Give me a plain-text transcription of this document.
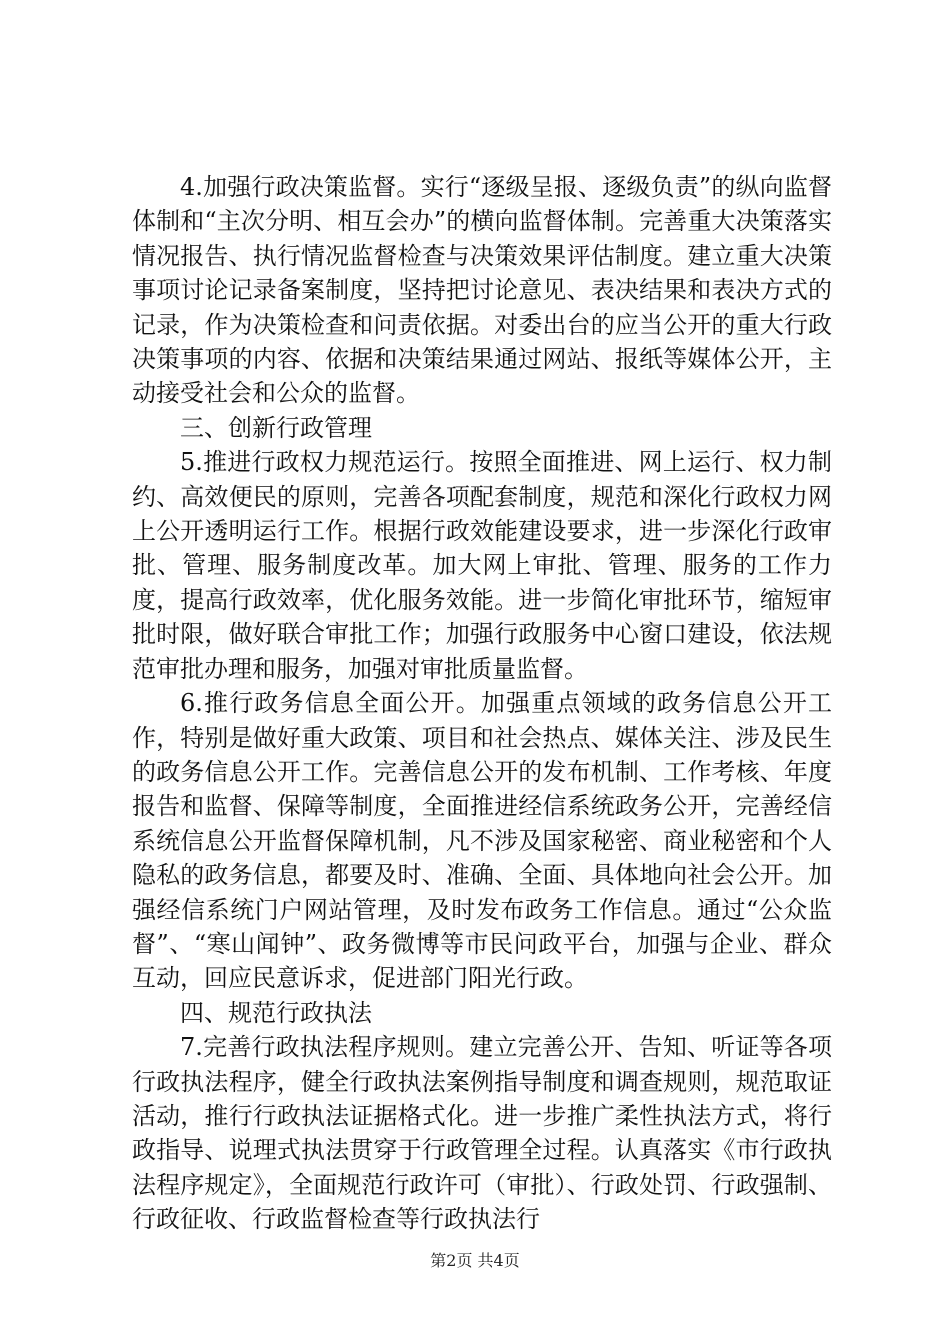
4.加强行政决策监督。实行“逐级呈报、逐级负责”的纵向监督体制和“主次分明、相互会办”的横向监督体制。完善重大决策落实情况报告、执行情况监督检查与决策效果评估制度。建立重大决策事项讨论记录备案制度，坚持把讨论意见、表决结果和表决方式的记录，作为决策检查和问责依据。对委出台的应当公开的重大行政决策事项的内容、依据和决策结果通过网站、报纸等媒体公开，主动接受社会和公众的监督。

三、创新行政管理

5.推进行政权力规范运行。按照全面推进、网上运行、权力制约、高效便民的原则，完善各项配套制度，规范和深化行政权力网上公开透明运行工作。根据行政效能建设要求，进一步深化行政审批、管理、服务制度改革。加大网上审批、管理、服务的工作力度，提高行政效率，优化服务效能。进一步简化审批环节，缩短审批时限，做好联合审批工作；加强行政服务中心窗口建设，依法规范审批办理和服务，加强对审批质量监督。

6.推行政务信息全面公开。加强重点领域的政务信息公开工作，特别是做好重大政策、项目和社会热点、媒体关注、涉及民生的政务信息公开工作。完善信息公开的发布机制、工作考核、年度报告和监督、保障等制度，全面推进经信系统政务公开，完善经信系统信息公开监督保障机制，凡不涉及国家秘密、商业秘密和个人隐私的政务信息，都要及时、准确、全面、具体地向社会公开。加强经信系统门户网站管理，及时发布政务工作信息。通过“公众监督”、“寒山闻钟”、政务微博等市民问政平台，加强与企业、群众互动，回应民意诉求，促进部门阳光行政。

四、规范行政执法

7.完善行政执法程序规则。建立完善公开、告知、听证等各项行政执法程序，健全行政执法案例指导制度和调查规则，规范取证活动，推行行政执法证据格式化。进一步推广柔性执法方式，将行政指导、说理式执法贯穿于行政管理全过程。认真落实《市行政执法程序规定》，全面规范行政许可（审批）、行政处罚、行政强制、行政征收、行政监督检查等行政执法行

第2页 共4页
